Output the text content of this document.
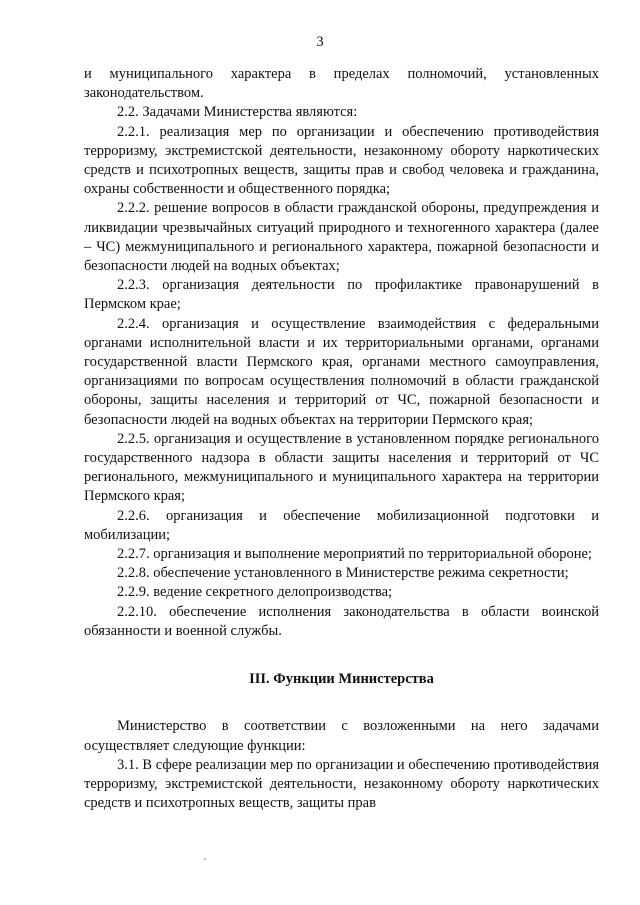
3

и муниципального характера в пределах полномочий, установленных законодательством.

2.2. Задачами Министерства являются:

2.2.1. реализация мер по организации и обеспечению противодействия терроризму, экстремистской деятельности, незаконному обороту наркотических средств и психотропных веществ, защиты прав и свобод человека и гражданина, охраны собственности и общественного порядка;

2.2.2. решение вопросов в области гражданской обороны, предупреждения и ликвидации чрезвычайных ситуаций природного и техногенного характера (далее – ЧС) межмуниципального и регионального характера, пожарной безопасности и безопасности людей на водных объектах;

2.2.3. организация деятельности по профилактике правонарушений в Пермском крае;

2.2.4. организация и осуществление взаимодействия с федеральными органами исполнительной власти и их территориальными органами, органами государственной власти Пермского края, органами местного самоуправления, организациями по вопросам осуществления полномочий в области гражданской обороны, защиты населения и территорий от ЧС, пожарной безопасности и безопасности людей на водных объектах на территории Пермского края;

2.2.5. организация и осуществление в установленном порядке регионального государственного надзора в области защиты населения и территорий от ЧС регионального, межмуниципального и муниципального характера на территории Пермского края;

2.2.6. организация и обеспечение мобилизационной подготовки и мобилизации;

2.2.7. организация и выполнение мероприятий по территориальной обороне;

2.2.8. обеспечение установленного в Министерстве режима секретности;

2.2.9. ведение секретного делопроизводства;

2.2.10. обеспечение исполнения законодательства в области воинской обязанности и военной службы.

III. Функции Министерства

Министерство в соответствии с возложенными на него задачами осуществляет следующие функции:

3.1. В сфере реализации мер по организации и обеспечению противодействия терроризму, экстремистской деятельности, незаконному обороту наркотических средств и психотропных веществ, защиты прав
